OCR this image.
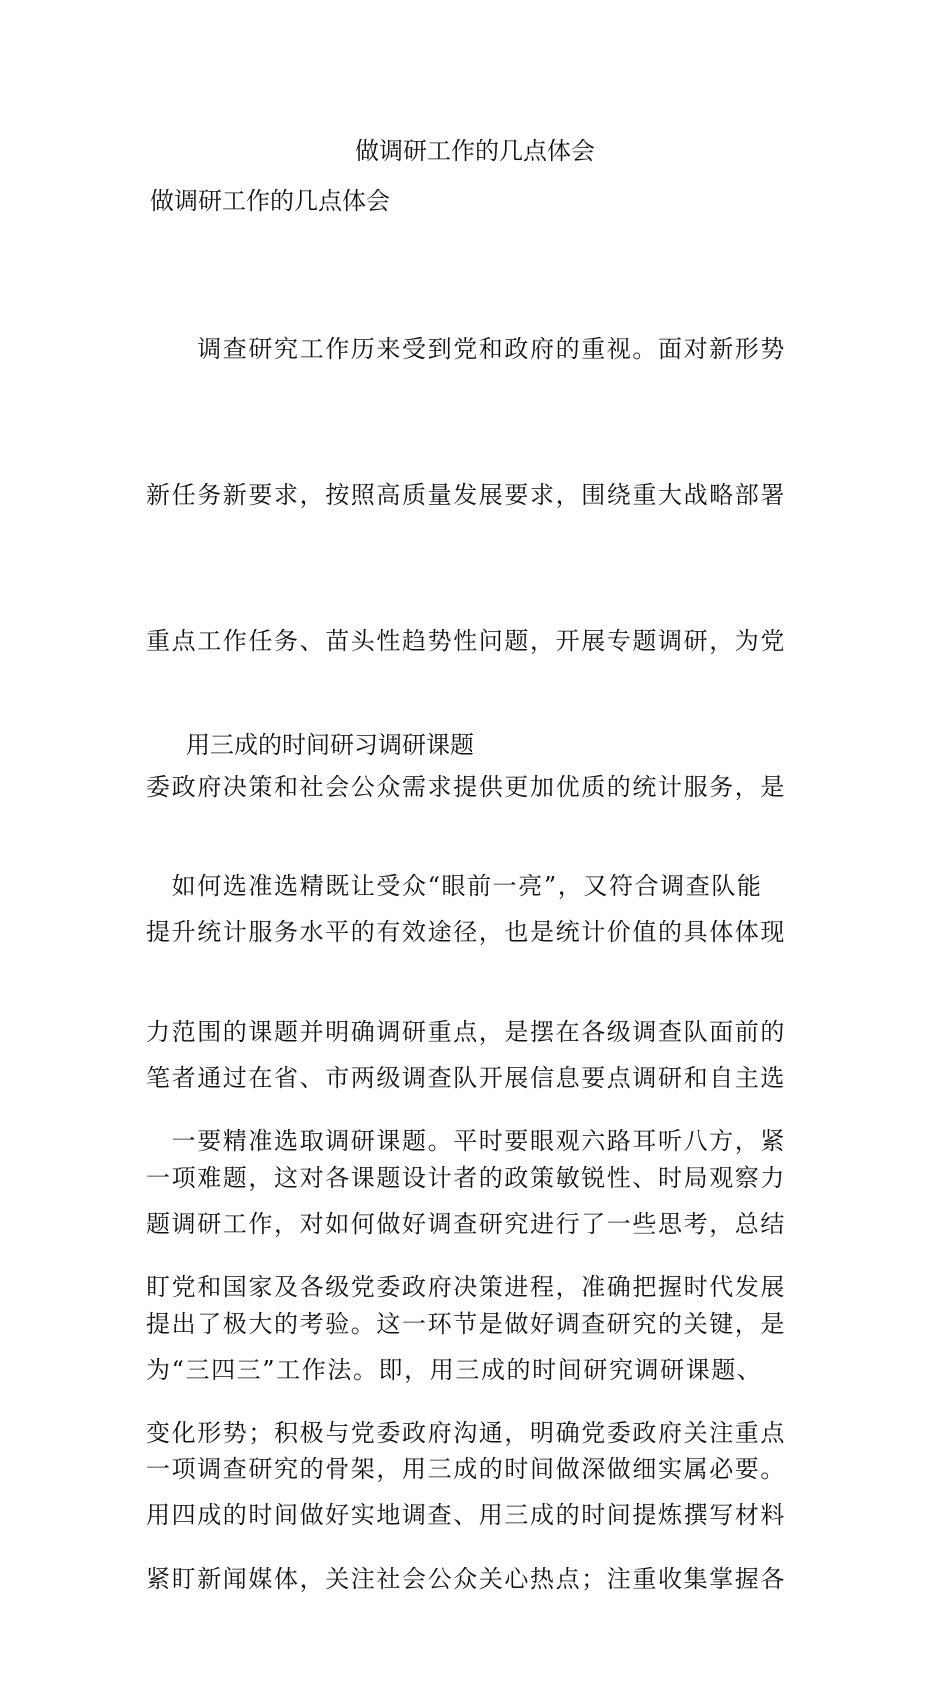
做调研工作的几点体会
做调研工作的几点体会

　　调查研究工作历来受到党和政府的重视。面对新形势

新任务新要求，按照高质量发展要求，围绕重大战略部署

重点工作任务、苗头性趋势性问题，开展专题调研，为党

委政府决策和社会公众需求提供更加优质的统计服务，是

提升统计服务水平的有效途径，也是统计价值的具体体现

笔者通过在省、市两级调查队开展信息要点调研和自主选

题调研工作，对如何做好调查研究进行了一些思考，总结

为“三四三”工作法。即，用三成的时间研究调研课题、

用四成的时间做好实地调查、用三成的时间提炼撰写材料

用三成的时间研习调研课题

　如何选准选精既让受众“眼前一亮”，又符合调查队能

力范围的课题并明确调研重点，是摆在各级调查队面前的

一项难题，这对各课题设计者的政策敏锐性、时局观察力

提出了极大的考验。这一环节是做好调查研究的关键，是

一项调查研究的骨架，用三成的时间做深做细实属必要。

　一要精准选取调研课题。平时要眼观六路耳听八方，紧

盯党和国家及各级党委政府决策进程，准确把握时代发展

变化形势；积极与党委政府沟通，明确党委政府关注重点

紧盯新闻媒体，关注社会公众关心热点；注重收集掌握各
